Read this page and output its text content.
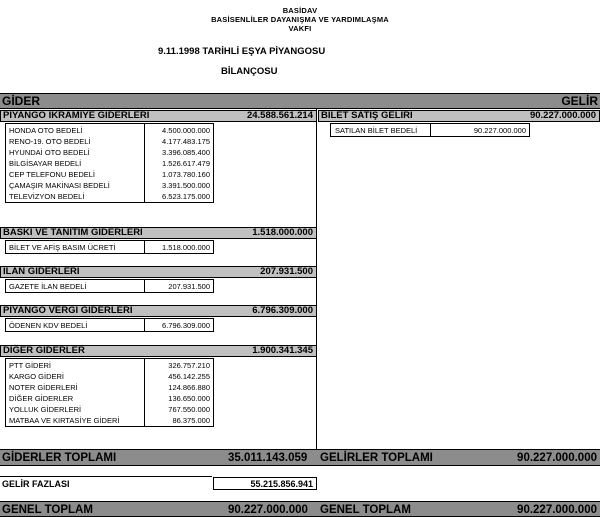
BASİDAV
BASİSENLİLER DAYANIŞMA VE YARDIMLAŞMA
VAKFI
9.11.1998 TARİHLİ EŞYA PİYANGOSU
BİLANÇOSU
GİDER	GELİR
PİYANGO İKRAMİYE GİDERLERİ	24.588.561.214
HONDA OTO BEDELİ	4.500.000.000
RENO-19. OTO BEDELİ	4.177.483.175
HYUNDAİ OTO BEDELİ	3.396.085.400
BİLGİSAYAR BEDELİ	1.526.617.479
CEP TELEFONU BEDELİ	1.073.780.160
ÇAMAŞIR MAKİNASI BEDELİ	3.391.500.000
TELEVİZYON BEDELİ	6.523.175.000
BASKI VE TANITIM GİDERLERİ	1.518.000.000
BİLET VE AFİŞ BASIM ÜCRETİ	1.518.000.000
İLAN GİDERLERİ	207.931.500
GAZETE İLAN BEDELİ	207.931.500
PİYANGO VERGİ GİDERLERİ	6.796.309.000
ÖDENEN KDV BEDELİ	6.796.309.000
DİĞER GİDERLER	1.900.341.345
PTT GİDERİ	326.757.210
KARGO GİDERİ	456.142.255
NOTER GİDERLERİ	124.866.880
DİĞER GİDERLER	136.650.000
YOLLUK GİDERLERİ	767.550.000
MATBAA VE KIRTASİYE GİDERİ	86.375.000
BİLET SATIŞ GELİRİ	90.227.000.000
SATILAN BİLET BEDELİ	90.227.000.000
GİDERLER TOPLAMI	35.011.143.059 GELİRLER TOPLAMI	90.227.000.000
GELİR FAZLASI	55.215.856.941
GENEL TOPLAM	90.227.000.000 GENEL TOPLAM	90.227.000.000
